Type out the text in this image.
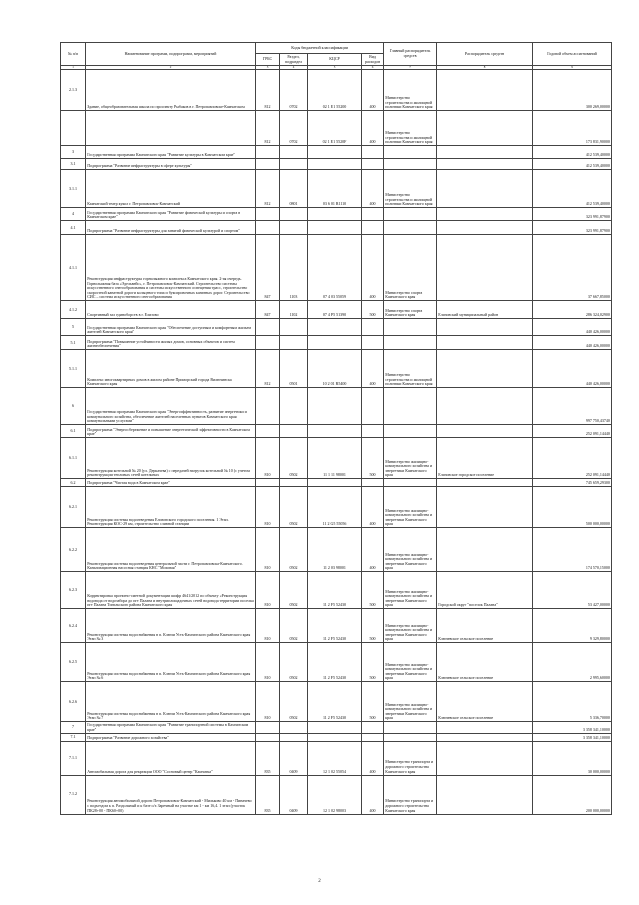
№ п/п	Наименование программ, подпрограмм, мероприятий	Коды бюджетной классификации				Главный распорядитель средств	Распорядитель средств	Годовой объем ассигнований
		ГРБС	Раздел, подраздел	КЦСР	Вид расходов			
1	2	3	4	5	6	7	8	9
2.1.3	Здание, общеобразовательная школа по проспекту Рыбаков в г. Петропавловске-Камчатском	812	0702	02 1 Е1 55200	400	Министерство строительства и жилищной политики Камчатского края		300 269,00000
		812	0702	02 1 Е1 5520F	400	Министерство строительства и жилищной политики Камчатского края		173 831,90000
3	Государственная программа Камчатского края "Развитие культуры в Камчатском крае"							412 539,40000
3.1	Подпрограмма "Развитие инфраструктуры в сфере культуры"							412 539,40000
3.1.1	Камчатский театр кукол г. Петропавловск-Камчатский	812	0801	03 6 01 R1110	400	Министерство строительства и жилищной политики Камчатского края		412 539,40000
4	Государственная программа Камчатского края "Развитие физической культуры и спорта в Камчатском крае"							323 991,87900
4.1	Подпрограмма "Развитие инфраструктуры для занятий физической культурой и спортом"							323 991,87900
4.1.1	Реконструкция инфраструктуры горнолыжного комплекса Камчатского края. 2-ая очередь. Горнолыжная база «Эдельвейс», г. Петропавловск-Камчатский. Строительство системы искусственного снегообразования и системы искусственного освещения трасс, строительство скоростной канатной дороги кольцевого типа и буксировочных канатных дорог. Строительство СИС – система искусственного снегообразования	847	1103	07 4 03 55059	400	Министерство спорта Камчатского края		37 667,85000
4.1.2	Спортивный зал единоборств в г. Елизово	847	1102	07 4 Р5 51390	500	Министерство спорта Камчатского края	Елизовский муниципальный район	286 324,02900
5	Государственная программа Камчатского края "Обеспечение доступным и комфортным жильем жителей Камчатского края"							440 426,00000
5.1	Подпрограмма "Повышение устойчивости жилых домов, основных объектов и систем жизнеобеспечения"							440 426,00000
5.1.1	Комплекс многоквартирных домов в жилом районе Приморский города Вилючинска Камчатского края	812	0501	10 2 01 R5400	400	Министерство строительства и жилищной политики Камчатского края		440 426,00000
6	Государственная программа Камчатского края "Энергоэффективность, развитие энергетики и коммунального хозяйства, обеспечение жителей населенных пунктов Камчатского края коммунальными услугами"							997 750,43740
6.1	Подпрограмма "Энергосбережение и повышение энергетической эффективности в Камчатском крае"							252 091,14440
6.1.1	Реконструкция котельной № 20 (ул. Деркачева) с передачей нагрузок котельной № 10 (с учетом реконструкции тепловых сетей котельных	810	0502	11 1 11 98001	500	Министерство жилищно-коммунального хозяйства и энергетики Камчатского края	Елизовское городское поселение	252 091,14440
6.2	Подпрограмма "Чистая вода в Камчатском крае"							745 659,29300
6.2.1	Реконструкция системы водоотведения Елизовского городского поселения. 1 Этап. Реконструкция КОС-29 км, строительство сливной станции	810	0502	11 2 G5 55056	400	Министерство жилищно-коммунального хозяйства и энергетики Камчатского края		500 000,00000
6.2.2	Реконструкция системы водоотведения центральной части г. Петропавловска-Камчатского. Канализационная насосная станция КНС "Моховая"	810	0502	11 2 03 98001	400	Министерство жилищно-коммунального хозяйства и энергетики Камчатского края		174 570,15000
6.2.3	Корректировка проектно-сметной документации шифр 4641/2012 по объекту «Реконструкция водовода от водозабора до пгт Палана и внутриплощадочных сетей водовода территории поселка пгт Палана Тигильского района Камчатского края	810	0502	11 2 F5 52430	500	Министерство жилищно-коммунального хозяйства и энергетики Камчатского края	Городской округ "поселок Палана"	53 427,00000
6.2.4	Реконструкция системы водоснабжения в п. Ключи Усть-Камчатского района Камчатского края Этап № 3	810	0502	11 2 F5 52430	500	Министерство жилищно-коммунального хозяйства и энергетики Камчатского края	Ключевское сельское поселение	9 329,80000
6.2.5	Реконструкция системы водоснабжения в п. Ключи Усть-Камчатского района Камчатского края Этап № 6	810	0502	11 2 F5 52430	500	Министерство жилищно-коммунального хозяйства и энергетики Камчатского края	Ключевское сельское поселение	2 995,60000
6.2.6	Реконструкция системы водоснабжения в п. Ключи Усть-Камчатского района Камчатского края Этап № 7	810	0502	11 2 F5 52430	500	Министерство жилищно-коммунального хозяйства и энергетики Камчатского края	Ключевское сельское поселение	5 336,70000
7	Государственная программа Камчатского края "Развитие транспортной системы в Камчатском крае"							3 358 341,10000
7.1	Подпрограмма "Развитие дорожного хозяйства"							3 358 341,10000
7.1.1	Автомобильная дорога для рекреации ООО "Сосновый центр "Камчатка"	835	0409	12 1 02 55054	400	Министерство транспорта и дорожного строительства Камчатского края		30 000,00000
7.1.2	Реконструкция автомобильной дороги Петропавловск-Камчатский - Мильково 40 км - Пиначево с подъездом к п. Раздольный и к базе о/х Заречный на участке км 1 - км 16,4. 1 этап (участок ПК28+00 - ПК60+00)	835	0409	12 1 02 98003	400	Министерство транспорта и дорожного строительства Камчатского края		200 000,00000
2
